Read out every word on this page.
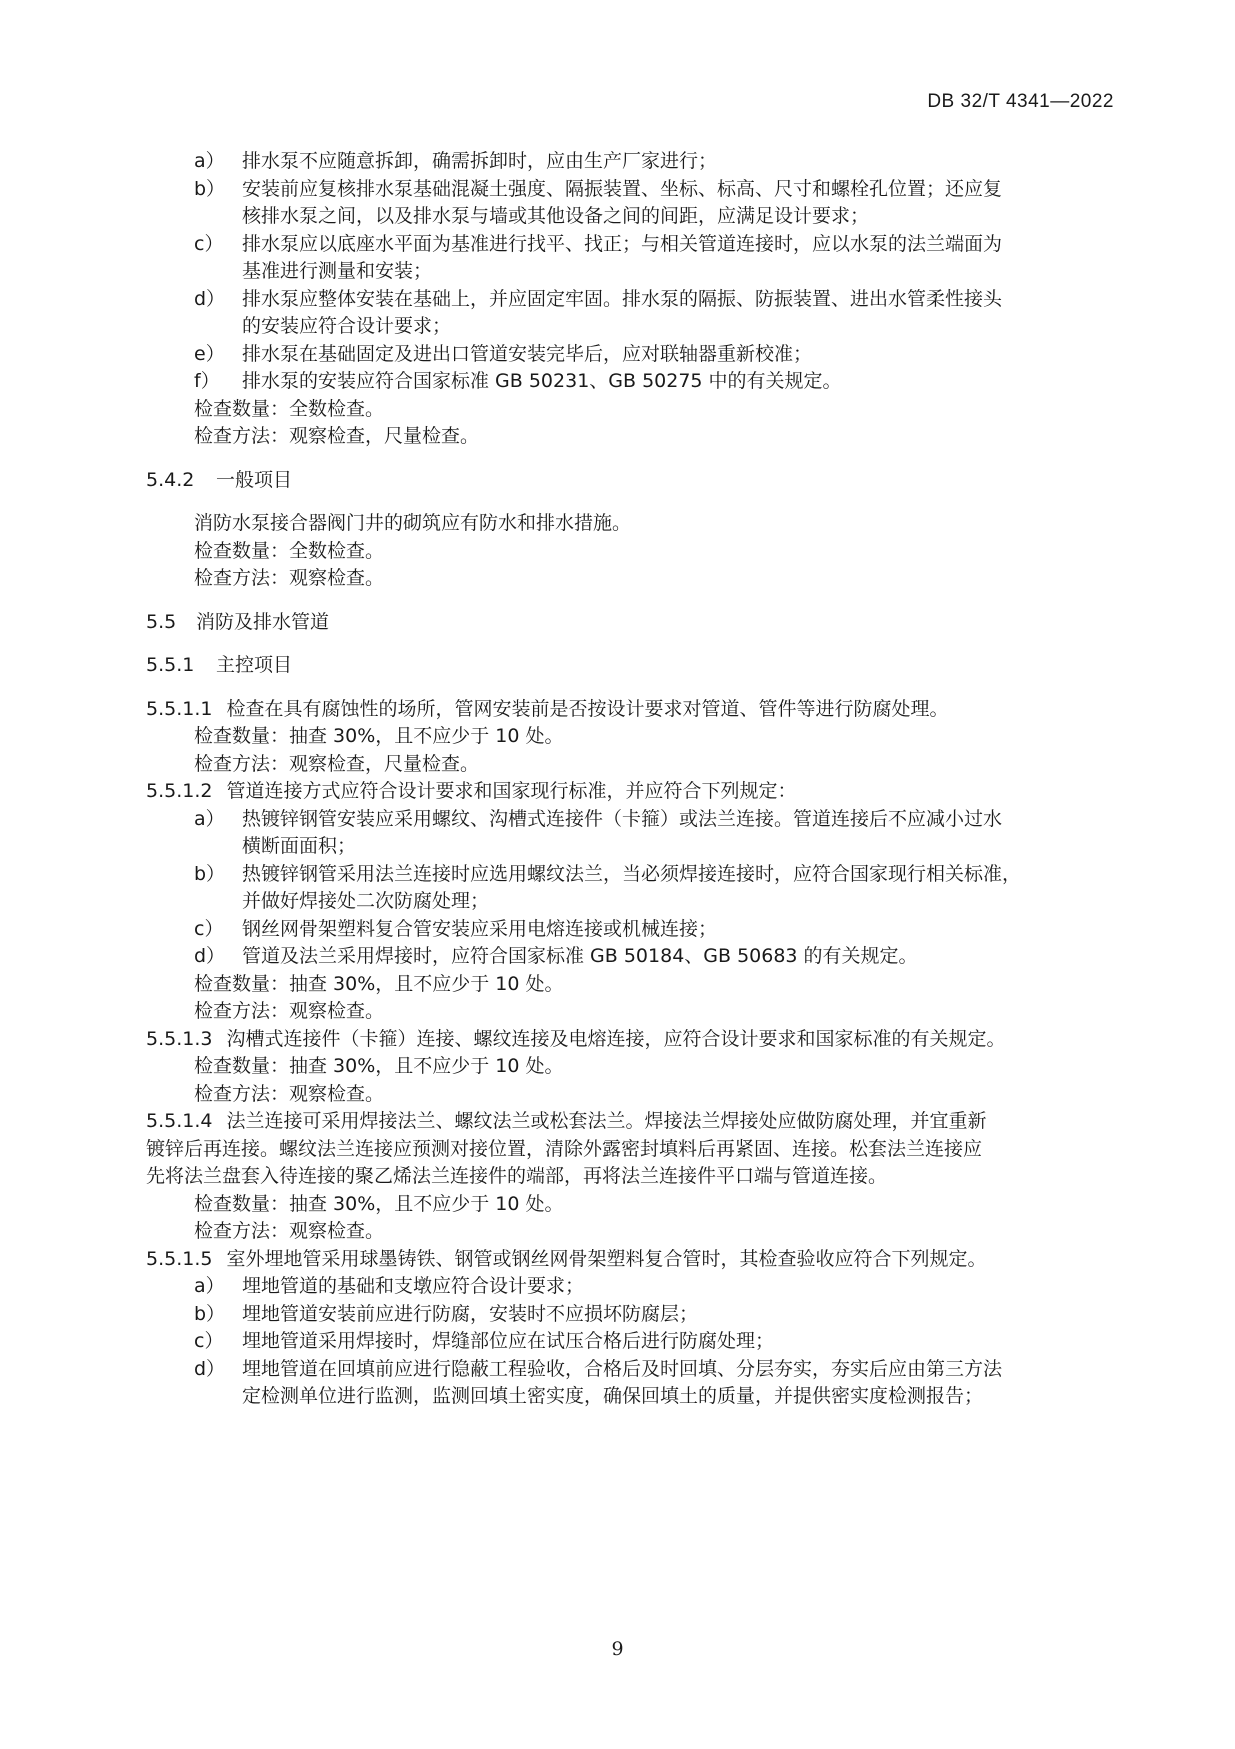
DB 32/T 4341—2022
a） 排水泵不应随意拆卸，确需拆卸时，应由生产厂家进行；
b） 安装前应复核排水泵基础混凝土强度、隔振装置、坐标、标高、尺寸和螺栓孔位置；还应复
核排水泵之间，以及排水泵与墙或其他设备之间的间距，应满足设计要求；
c） 排水泵应以底座水平面为基准进行找平、找正；与相关管道连接时，应以水泵的法兰端面为
基准进行测量和安装；
d） 排水泵应整体安装在基础上，并应固定牢固。排水泵的隔振、防振装置、进出水管柔性接头
的安装应符合设计要求；
e） 排水泵在基础固定及进出口管道安装完毕后，应对联轴器重新校准；
f）	排水泵的安装应符合国家标准 GB 50231、GB 50275 中的有关规定。
检查数量：全数检查。
检查方法：观察检查，尺量检查。
5.4.2 一般项目
消防水泵接合器阀门井的砌筑应有防水和排水措施。
检查数量：全数检查。
检查方法：观察检查。
5.5 消防及排水管道
5.5.1 主控项目
5.5.1.1 检查在具有腐蚀性的场所，管网安装前是否按设计要求对管道、管件等进行防腐处理。
检查数量：抽查 30%，且不应少于 10 处。
检查方法：观察检查，尺量检查。
5.5.1.2 管道连接方式应符合设计要求和国家现行标准，并应符合下列规定：
a） 热镀锌钢管安装应采用螺纹、沟槽式连接件（卡箍）或法兰连接。管道连接后不应减小过水
横断面面积；
b） 热镀锌钢管采用法兰连接时应选用螺纹法兰，当必须焊接连接时，应符合国家现行相关标准，
并做好焊接处二次防腐处理；
c） 钢丝网骨架塑料复合管安装应采用电熔连接或机械连接；
d） 管道及法兰采用焊接时，应符合国家标准 GB 50184、GB 50683 的有关规定。
检查数量：抽查 30%，且不应少于 10 处。
检查方法：观察检查。
5.5.1.3 沟槽式连接件（卡箍）连接、螺纹连接及电熔连接，应符合设计要求和国家标准的有关规定。
检查数量：抽查 30%，且不应少于 10 处。
检查方法：观察检查。
5.5.1.4 法兰连接可采用焊接法兰、螺纹法兰或松套法兰。焊接法兰焊接处应做防腐处理，并宜重新
镀锌后再连接。螺纹法兰连接应预测对接位置，清除外露密封填料后再紧固、连接。松套法兰连接应
先将法兰盘套入待连接的聚乙烯法兰连接件的端部，再将法兰连接件平口端与管道连接。
检查数量：抽查 30%，且不应少于 10 处。
检查方法：观察检查。
5.5.1.5 室外埋地管采用球墨铸铁、钢管或钢丝网骨架塑料复合管时，其检查验收应符合下列规定。
a） 埋地管道的基础和支墩应符合设计要求；
b） 埋地管道安装前应进行防腐，安装时不应损坏防腐层；
c） 埋地管道采用焊接时，焊缝部位应在试压合格后进行防腐处理；
d） 埋地管道在回填前应进行隐蔽工程验收，合格后及时回填、分层夯实，夯实后应由第三方法
定检测单位进行监测，监测回填土密实度，确保回填土的质量，并提供密实度检测报告；
9
